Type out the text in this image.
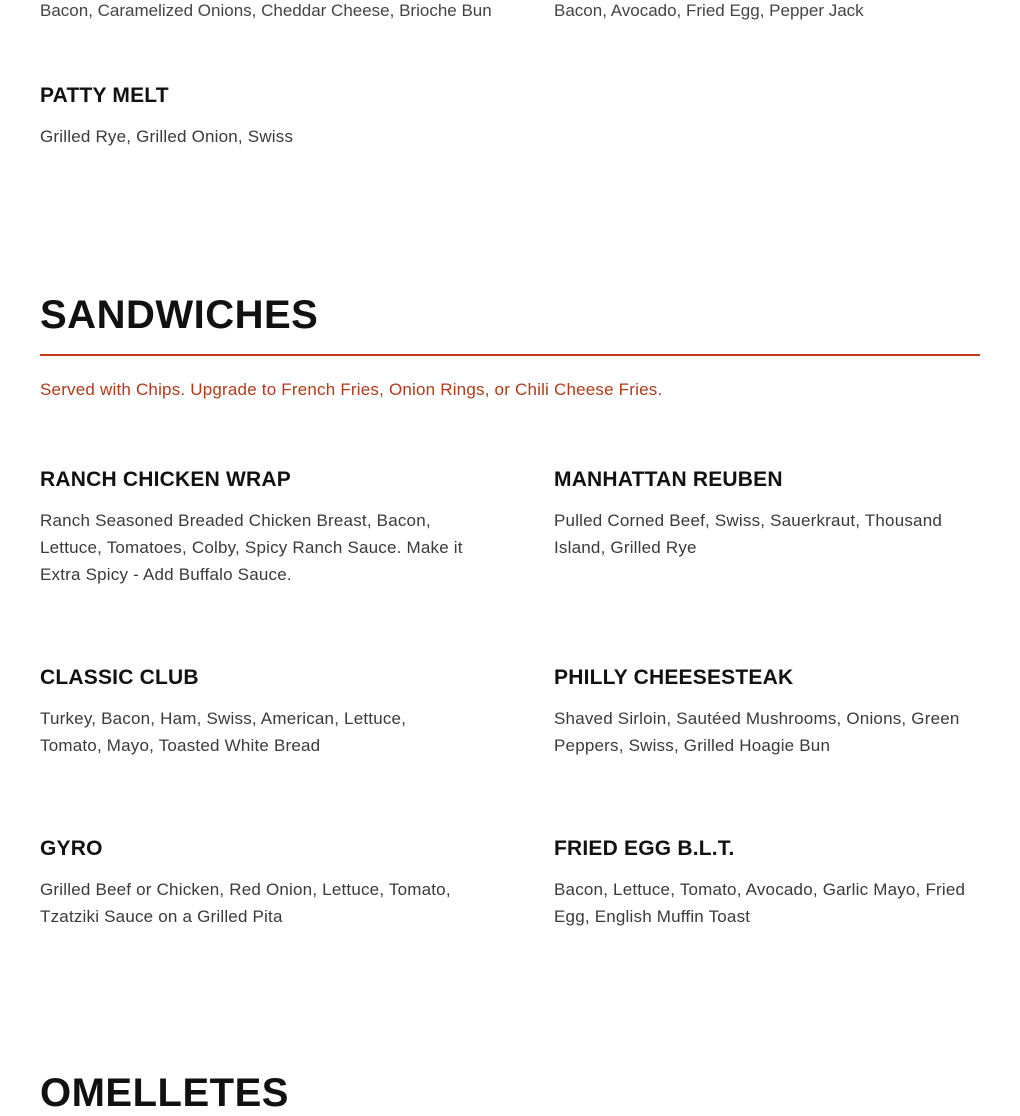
Bacon, Caramelized Onions, Cheddar Cheese, Brioche Bun	Bacon, Avocado, Fried Egg, Pepper Jack

PATTY MELT

Grilled Rye, Grilled Onion, Swiss

SANDWICHES

Served with Chips. Upgrade to French Fries, Onion Rings, or Chili Cheese Fries.

RANCH CHICKEN WRAP

Ranch Seasoned Breaded Chicken Breast, Bacon, Lettuce, Tomatoes, Colby, Spicy Ranch Sauce. Make it Extra Spicy - Add Buffalo Sauce.

MANHATTAN REUBEN

Pulled Corned Beef, Swiss, Sauerkraut, Thousand Island, Grilled Rye

CLASSIC CLUB

Turkey, Bacon, Ham, Swiss, American, Lettuce, Tomato, Mayo, Toasted White Bread

PHILLY CHEESESTEAK

Shaved Sirloin, Sautéed Mushrooms, Onions, Green Peppers, Swiss, Grilled Hoagie Bun

GYRO

Grilled Beef or Chicken, Red Onion, Lettuce, Tomato, Tzatziki Sauce on a Grilled Pita

FRIED EGG B.L.T.

Bacon, Lettuce, Tomato, Avocado, Garlic Mayo, Fried Egg, English Muffin Toast

OMELLETES
